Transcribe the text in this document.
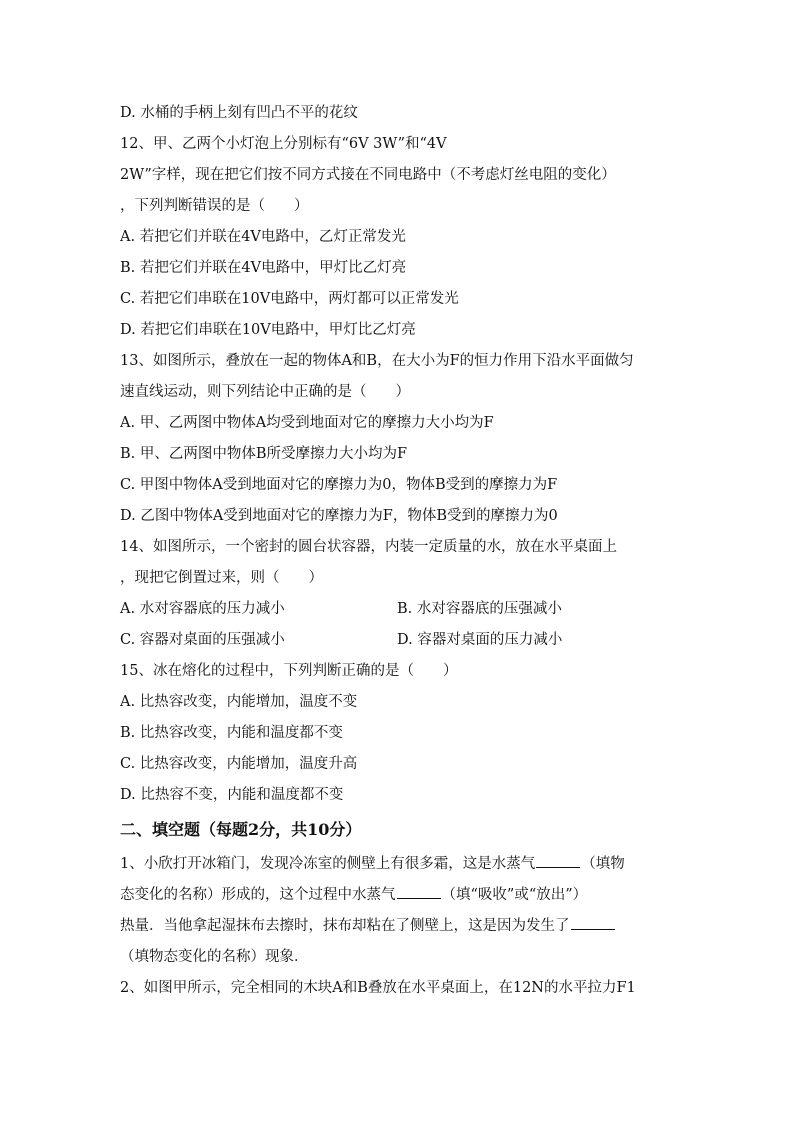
D. 水桶的手柄上刻有凹凸不平的花纹
12、甲、乙两个小灯泡上分别标有“6V 3W”和“4V
2W”字样，现在把它们按不同方式接在不同电路中（不考虑灯丝电阻的变化）
，下列判断错误的是（　　）
A. 若把它们并联在4V电路中，乙灯正常发光
B. 若把它们并联在4V电路中，甲灯比乙灯亮
C. 若把它们串联在10V电路中，两灯都可以正常发光
D. 若把它们串联在10V电路中，甲灯比乙灯亮
13、如图所示，叠放在一起的物体A和B，在大小为F的恒力作用下沿水平面做匀
速直线运动，则下列结论中正确的是（　　）
A. 甲、乙两图中物体A均受到地面对它的摩擦力大小均为F
B. 甲、乙两图中物体B所受摩擦力大小均为F
C. 甲图中物体A受到地面对它的摩擦力为0，物体B受到的摩擦力为F
D. 乙图中物体A受到地面对它的摩擦力为F，物体B受到的摩擦力为0
14、如图所示，一个密封的圆台状容器，内装一定质量的水，放在水平桌面上
，现把它倒置过来，则（　　）
A. 水对容器底的压力减小	B. 水对容器底的压强减小
C. 容器对桌面的压强减小	D. 容器对桌面的压力减小
15、冰在熔化的过程中，下列判断正确的是（　　）
A. 比热容改变，内能增加，温度不变
B. 比热容改变，内能和温度都不变
C. 比热容改变，内能增加，温度升高
D. 比热容不变，内能和温度都不变
二、填空题（每题2分，共10分）
1、小欣打开冰箱门，发现冷冻室的侧壁上有很多霜，这是水蒸气	（填物
态变化的名称）形成的，这个过程中水蒸气	（填“吸收”或“放出”）
热量．当他拿起湿抹布去擦时，抹布却粘在了侧壁上，这是因为发生了
（填物态变化的名称）现象．
2、如图甲所示，完全相同的木块A和B叠放在水平桌面上，在12N的水平拉力F1
